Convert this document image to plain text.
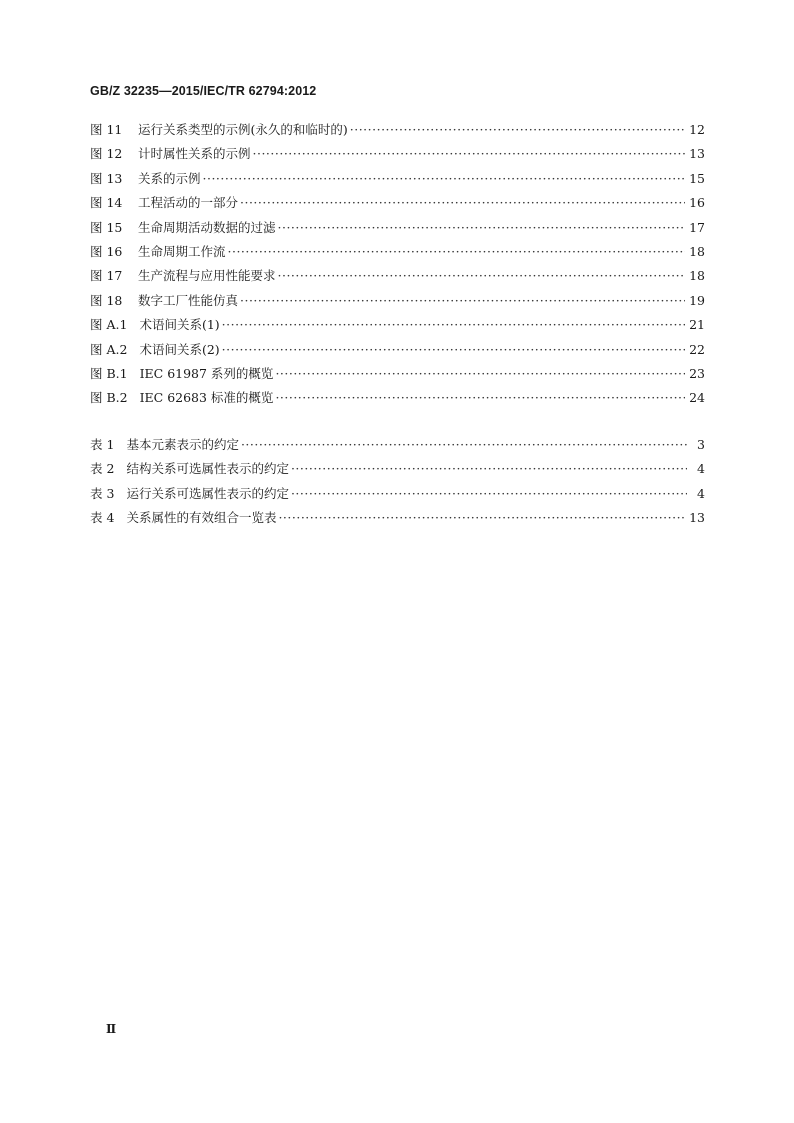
GB/Z 32235—2015/IEC/TR 62794:2012
图 11 运行关系类型的示例(永久的和临时的) ·····	12
图 12 计时属性关系的示例 ·····	13
图 13 关系的示例 ·····	15
图 14 工程活动的一部分 ·····	16
图 15 生命周期活动数据的过滤 ·····	17
图 16 生命周期工作流 ·····	18
图 17 生产流程与应用性能要求 ·····	18
图 18 数字工厂性能仿真 ·····	19
图 A.1 术语间关系(1) ·····	21
图 A.2 术语间关系(2) ·····	22
图 B.1 IEC 61987 系列的概览 ·····	23
图 B.2 IEC 62683 标准的概览 ·····	24
表 1 基本元素表示的约定 ·····	3
表 2 结构关系可选属性表示的约定 ·····	4
表 3 运行关系可选属性表示的约定 ·····	4
表 4 关系属性的有效组合一览表 ·····	13
Ⅱ
